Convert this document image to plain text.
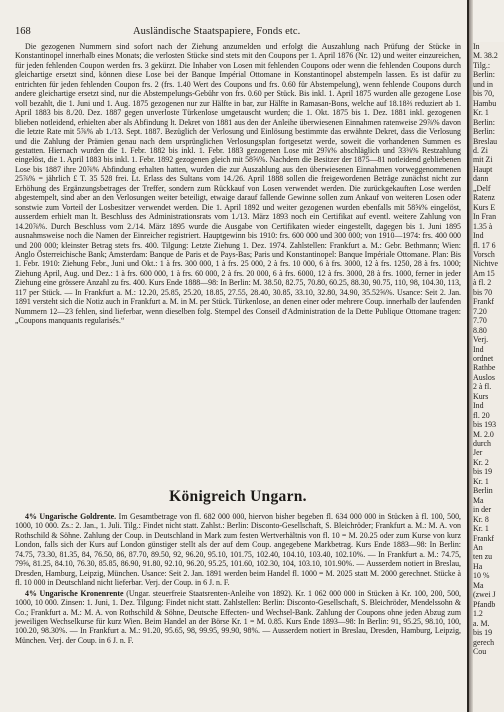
168	Ausländische Staatspapiere, Fonds etc.

Die gezogenen Nummern sind sofort nach der Ziehung anzumelden und erfolgt die Auszahlung nach Prüfung der Stücke in Konstantinopel innerhalb eines Monats; die verlosten Stücke sind stets mit den Coupons per 1. April 1876 (Nr. 12) und weiter einzureichen, für jeden fehlenden Coupon werden frs. 3 gekürzt. Die Inhaber von Losen mit fehlenden Coupons oder wenn die fehlenden Coupons durch gleichartige ersetzt sind, können diese Lose bei der Banque Impérial Ottomane in Konstantinopel abstempeln lassen. Es ist dafür zu entrichten für jeden fehlenden Coupon frs. 2 (frs. 1.40 Wert des Coupons und frs. 0.60 für Abstempelung), wenn fehlende Coupons durch andere gleichartige ersetzt sind, nur die Abstempelungs-Gebühr von frs. 0.60 per Stück. Bis inkl. 1. April 1875 wurden alle gezogene Lose voll bezahlt, die 1. Juni und 1. Aug. 1875 gezogenen nur zur Hälfte in bar, zur Hälfte in Ramasan-Bons, welche auf 18.18⅔ reduziert ab 1. April 1883 bis 8./20. Dez. 1887 gegen unverloste Türkenlose umgetauscht wurden; die 1. Okt. 1875 bis 1. Dez. 1881 inkl. gezogenen blieben notleidend, erhielten aber als Abfindung lt. Dekret von 1881 aus den der Anleihe überwiesenen Einnahmen ratenweise 29⅞% davon die letzte Rate mit 5⅞% ab 1./13. Sept. 1887. Bezüglich der Verlosung und Einlösung bestimmte das erwähnte Dekret, dass die Verlosung und die Zahlung der Prämien genau nach dem ursprünglichen Verlosungsplan fortgesetzt werde, soweit die vorhandenen Summen es gestatten. Hiernach wurden die 1. Febr. 1882 bis inkl. 1. Febr. 1883 gezogenen Lose mit 29⅞% abschläglich und 33⅜% Restzahlung eingelöst, die 1. April 1883 bis inkl. 1. Febr. 1892 gezogenen gleich mit 58⅝%. Nachdem die Besitzer der 1875—81 notleidend gebliebenen Lose bis 1887 ihre 20⅞% Abfindung erhalten hatten, wurden die zur Auszahlung aus den überwiesenen Einnahmen vorweggenommenen 25⅞% = jährlich £ T. 35 528 frei. Lt. Erlass des Sultans vom 14./26. April 1888 sollen die freigewordenen Beträge zunächst nicht zur Erhöhung des Ergänzungsbetrages der Treffer, sondern zum Rückkauf von Losen verwendet werden. Die zurückgekauften Lose werden abgestempelt, sind aber an den Verlosungen weiter beteiligt, etwaige darauf fallende Gewinne sollen zum Ankauf von weiteren Losen oder sonstwie zum Vorteil der Losbesitzer verwendet werden. Die 1. April 1892 und weiter gezogenen wurden ebenfalls mit 58⅝% eingelöst, ausserdem erhielt man lt. Beschluss des Administrationsrats vom 1./13. März 1893 noch ein Certifikat auf eventl. weitere Zahlung von 14.20⅞%. Durch Beschluss vom 2./14. März 1895 wurde die Ausgabe von Certifikaten wieder eingestellt, dagegen bis 1. Juni 1895 ausnahmsweise noch die Namen der Einreicher registriert. Hauptgewinn bis 1910: frs. 600 000 und 300 000; von 1910—1974: frs. 400 000 und 200 000; kleinster Betrag stets frs. 400. Tilgung: Letzte Ziehung 1. Dez. 1974. Zahlstellen: Frankfurt a. M.: Gebr. Bethmann; Wien: Anglo Österreichische Bank; Amsterdam: Banque de Paris et de Pays-Bas; Paris und Konstantinopel: Banque Impériale Ottomane. Plan: Bis 1. Febr. 1910: Ziehung Febr., Juni und Okt.: 1 à frs. 300 000, 1 à frs. 25 000, 2 à frs. 10 000, 6 à frs. 3000, 12 à frs. 1250, 28 à frs. 1000; Ziehung April, Aug. und Dez.: 1 à frs. 600 000, 1 à frs. 60 000, 2 à frs. 20 000, 6 à frs. 6000, 12 à frs. 3000, 28 à frs. 1000, ferner in jeder Ziehung eine grössere Anzahl zu frs. 400. Kurs Ende 1888—98: In Berlin: M. 38.50, 82.75, 70.80, 60.25, 88.30, 90.75, 110, 98, 104.30, 113, 117 per Stück. — In Frankfurt a. M.: 12.20, 25.85, 25.20, 18.85, 27.55, 28.40, 30.85, 33.10, 32.80, 34.90, 35.52⅝%. Usance: Seit 2. Jan. 1891 versteht sich die Notiz auch in Frankfurt a. M. in M. per Stück. Türkenlose, an denen einer oder mehrere Coup. innerhalb der laufenden Nummern 12—23 fehlen, sind lieferbar, wenn dieselben folg. Stempel des Conseil d'Administration de la Dette Publique Ottomane tragen: „Coupons manquants regularisés.“

Königreich Ungarn.

4% Ungarische Goldrente. Im Gesamtbetrage von fl. 682 000 000, hiervon bisher begeben fl. 634 000 000 in Stücken à fl. 100, 500, 1000, 10 000. Zs.: 2. Jan., 1. Juli. Tilg.: Findet nicht statt. Zahlst.: Berlin: Disconto-Gesellschaft, S. Bleichröder; Frankfurt a. M.: M. A. von Rothschild & Söhne. Zahlung der Coup. in Deutschland in Mark zum festen Wertverhältnis von fl. 10 = M. 20.25 oder zum Kurse von kurz London, falls sich der Kurs auf London günstiger stellt als der auf dem Coup. angegebene Markbetrag. Kurs Ende 1883—98: In Berlin: 74.75, 73.30, 81.35, 84, 76.50, 86, 87.70, 89.50, 92, 96.20, 95.10, 101.75, 102.40, 104.10, 103.40, 102.10%. — In Frankfurt a. M.: 74.75, 79⅝, 81.25, 84.10, 76.30, 85.85, 86.90, 91.80, 92.10, 96.20, 95.25, 101.60, 102.30, 104, 103.10, 101.90%. — Ausserdem notiert in Breslau, Dresden, Hamburg, Leipzig, München. Usance: Seit 2. Jan. 1891 werden beim Handel fl. 1000 = M. 2025 statt M. 2000 gerechnet. Stücke à fl. 10 000 in Deutschland nicht lieferbar. Verj. der Coup. in 6 J. n. F.

4% Ungarische Kronenrente (Ungar. steuerfreie Staatsrenten-Anleihe von 1892). Kr. 1 062 000 000 in Stücken à Kr. 100, 200, 500, 1000, 10 000. Zinsen: 1. Juni, 1. Dez. Tilgung: Findet nicht statt. Zahlstellen: Berlin: Disconto-Gesellschaft, S. Bleichröder, Mendelssohn & Co.; Frankfurt a. M.: M. A. von Rothschild & Söhne, Deutsche Effecten- und Wechsel-Bank. Zahlung der Coupons ohne jeden Abzug zum jeweiligen Wechselkurse für kurz Wien. Beim Handel an der Börse Kr. 1 = M. 0.85. Kurs Ende 1893—98: In Berlin: 91, 95.25, 98.10, 100, 100.20, 98.30%. — In Frankfurt a. M.: 91.20, 95.65, 98, 99.95, 99.90, 98%. — Ausserdem notiert in Breslau, Dresden, Hamburg, Leipzig, München. Verj. der Coup. in 6 J. n. F.

In
M. 38.2
Tilg.:
Berlin:
und in
bis 70,
Hambu
Kr. 1
Berlin:
Berlin:
Breslau
d. Zi
mit Zi
Haupt
dann
„Delf
Ratenz
Kurs E
In Fran
1.35 à
Ind
fl. 17 6
Vorsch
Nichtve
Am 15
à fl. 2
bis 70
Frankf
7.20
7.70
8.80
Verj.
Ind
ordnet
Rathbe
Auslos
2 à fl.
Kurs
Ind
fl. 20
bis 193
M. 2.0
durch
Jer
Kr. 2
bis 19
Kr. 1
Berlin
Ma
in der
Kr. 8
Kr. 1
Frankf
An
ten zu
Ha
10 %
Ma
(zwei J
Pfandb
1.2
a. M.
bis 19
gerech
Cou
